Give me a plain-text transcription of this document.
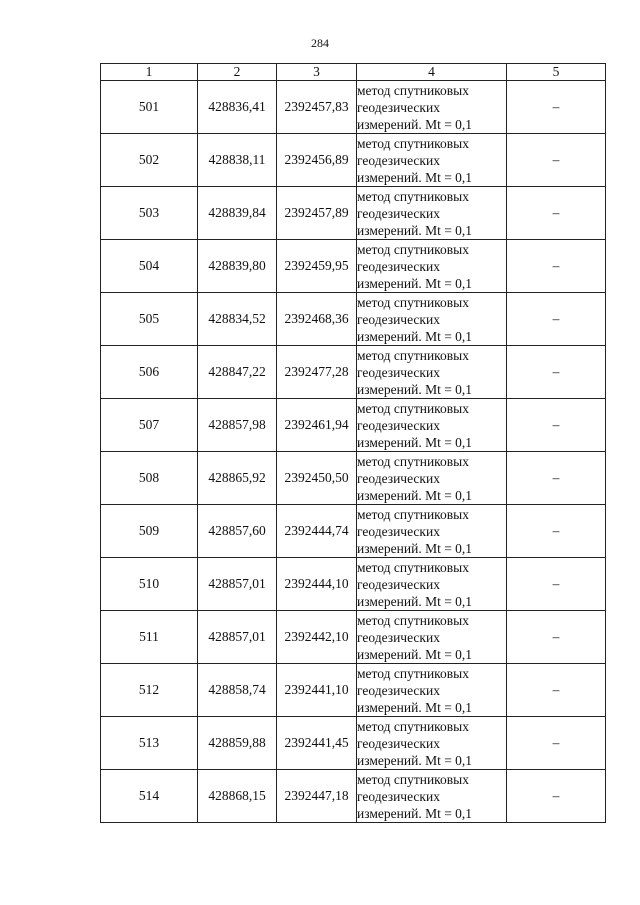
284
1	2	3	4	5
501	428836,41	2392457,83	метод спутниковых
геодезических
измерений. Mt = 0,1	–
502	428838,11	2392456,89	метод спутниковых
геодезических
измерений. Mt = 0,1	–
503	428839,84	2392457,89	метод спутниковых
геодезических
измерений. Mt = 0,1	–
504	428839,80	2392459,95	метод спутниковых
геодезических
измерений. Mt = 0,1	–
505	428834,52	2392468,36	метод спутниковых
геодезических
измерений. Mt = 0,1	–
506	428847,22	2392477,28	метод спутниковых
геодезических
измерений. Mt = 0,1	–
507	428857,98	2392461,94	метод спутниковых
геодезических
измерений. Mt = 0,1	–
508	428865,92	2392450,50	метод спутниковых
геодезических
измерений. Mt = 0,1	–
509	428857,60	2392444,74	метод спутниковых
геодезических
измерений. Mt = 0,1	–
510	428857,01	2392444,10	метод спутниковых
геодезических
измерений. Mt = 0,1	–
511	428857,01	2392442,10	метод спутниковых
геодезических
измерений. Mt = 0,1	–
512	428858,74	2392441,10	метод спутниковых
геодезических
измерений. Mt = 0,1	–
513	428859,88	2392441,45	метод спутниковых
геодезических
измерений. Mt = 0,1	–
514	428868,15	2392447,18	метод спутниковых
геодезических
измерений. Mt = 0,1	–
